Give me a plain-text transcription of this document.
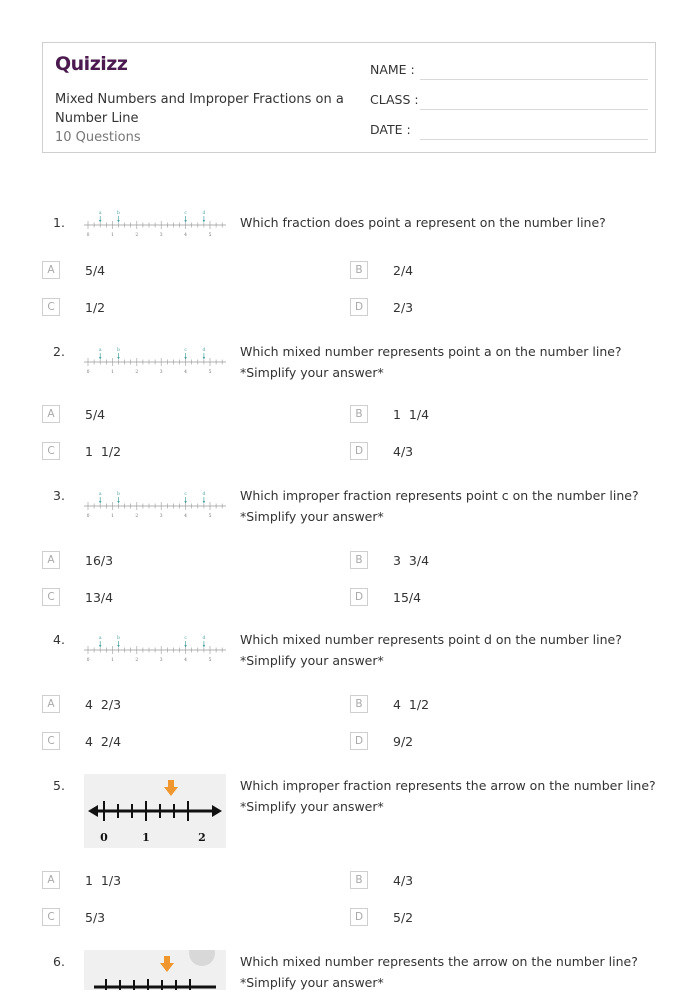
Quizizz
Mixed Numbers and Improper Fractions on a Number Line
10 Questions
NAME :
CLASS :
DATE :
1.
0	1	2	3	4	5
a	b	c	d
Which fraction does point a represent on the number line?
A	5/4	B	2/4
C	1/2	D	2/3
2.
0	1	2	3	4	5
a	b	c	d	Which mixed number represents point a on the number line?
*Simplify your answer*
A	5/4	B	1  1/4
C	1  1/2	D	4/3
3.
0	1	2	3	4	5
a	b	c	d	Which improper fraction represents point c on the number line?
*Simplify your answer*
A	16/3	B	3  3/4
C	13/4	D	15/4
4.
0	1	2	3	4	5
a	b	c	d	Which mixed number represents point d on the number line?
*Simplify your answer*
A	4  2/3	B	4  1/2
C	4  2/4	D	9/2
5.
0	1	2
Which improper fraction represents the arrow on the number line?
*Simplify your answer*
A	1  1/3	B	4/3
C	5/3	D	5/2
6.	Which mixed number represents the arrow on the number line?
*Simplify your answer*
